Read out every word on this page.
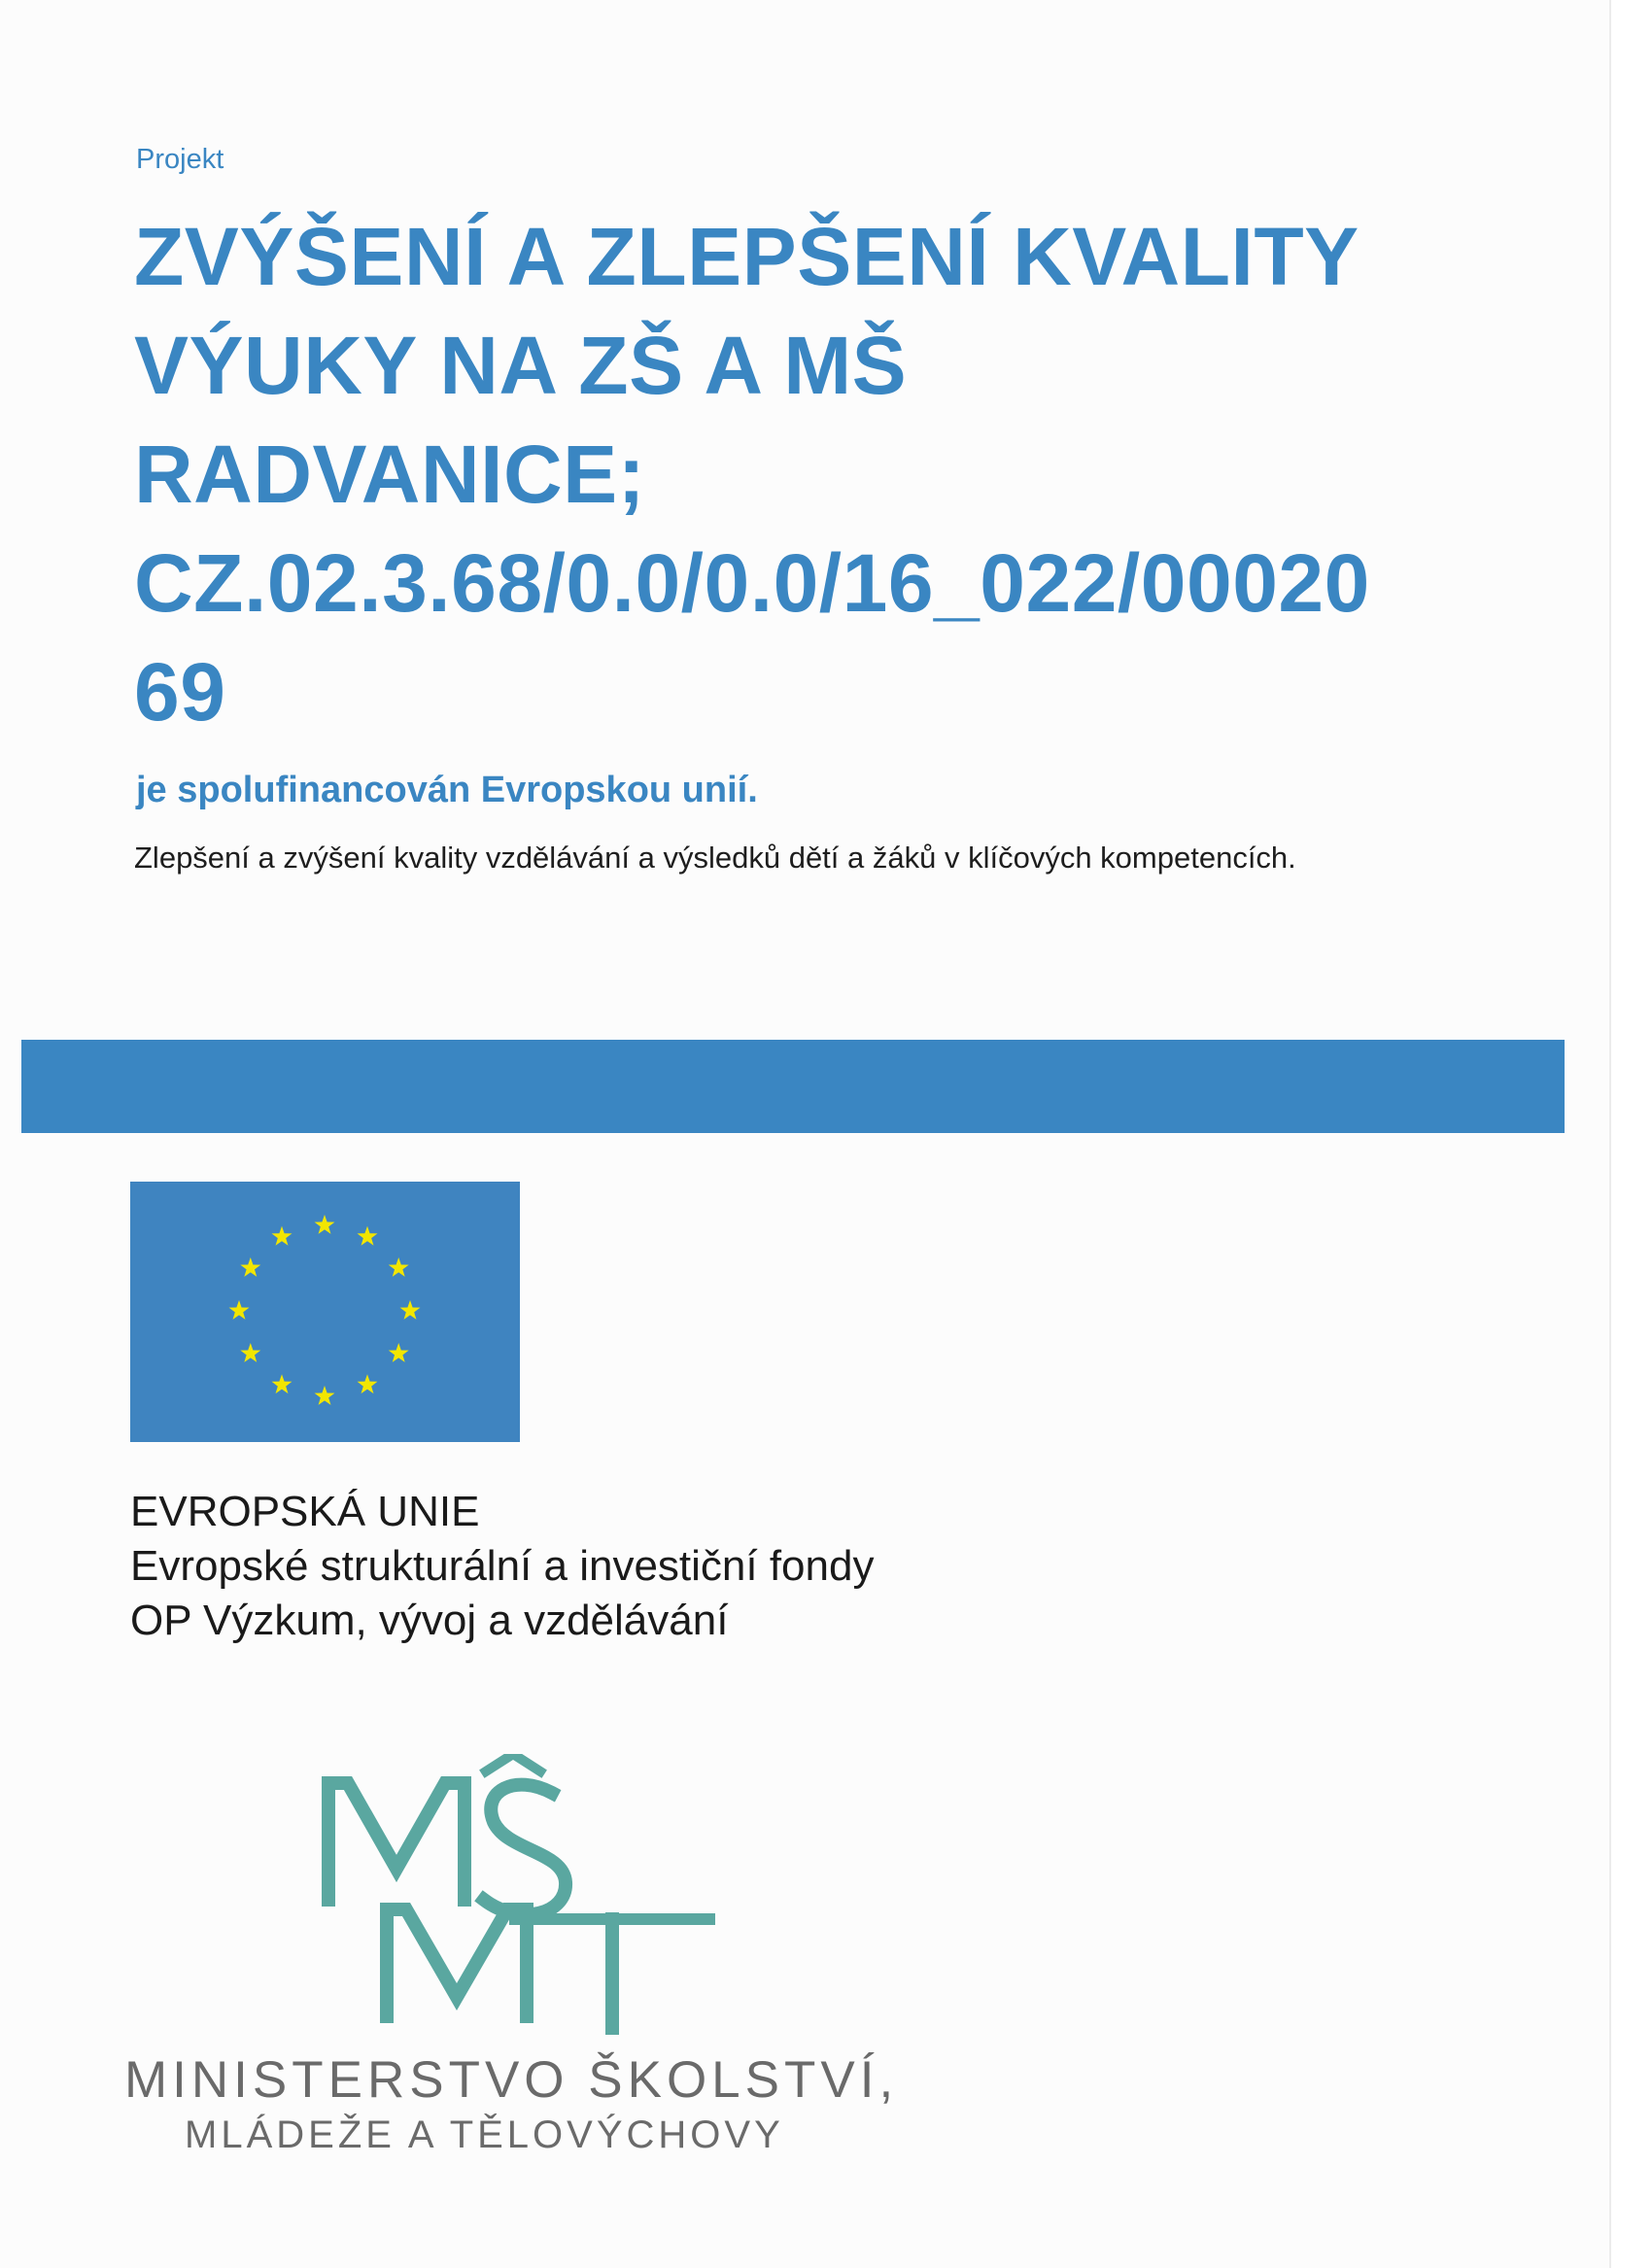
Projekt

ZVÝŠENÍ A ZLEPŠENÍ KVALITY
VÝUKY NA ZŠ A MŠ
RADVANICE;
CZ.02.3.68/0.0/0.0/16_022/00020
69

je spolufinancován Evropskou unií.

Zlepšení a zvýšení kvality vzdělávání a výsledků dětí a žáků v klíčových kompetencích.

EVROPSKÁ UNIE
Evropské strukturální a investiční fondy
OP Výzkum, vývoj a vzdělávání
MINISTERSTVO ŠKOLSTVÍ,
MLÁDEŽE A TĚLOVÝCHOVY
